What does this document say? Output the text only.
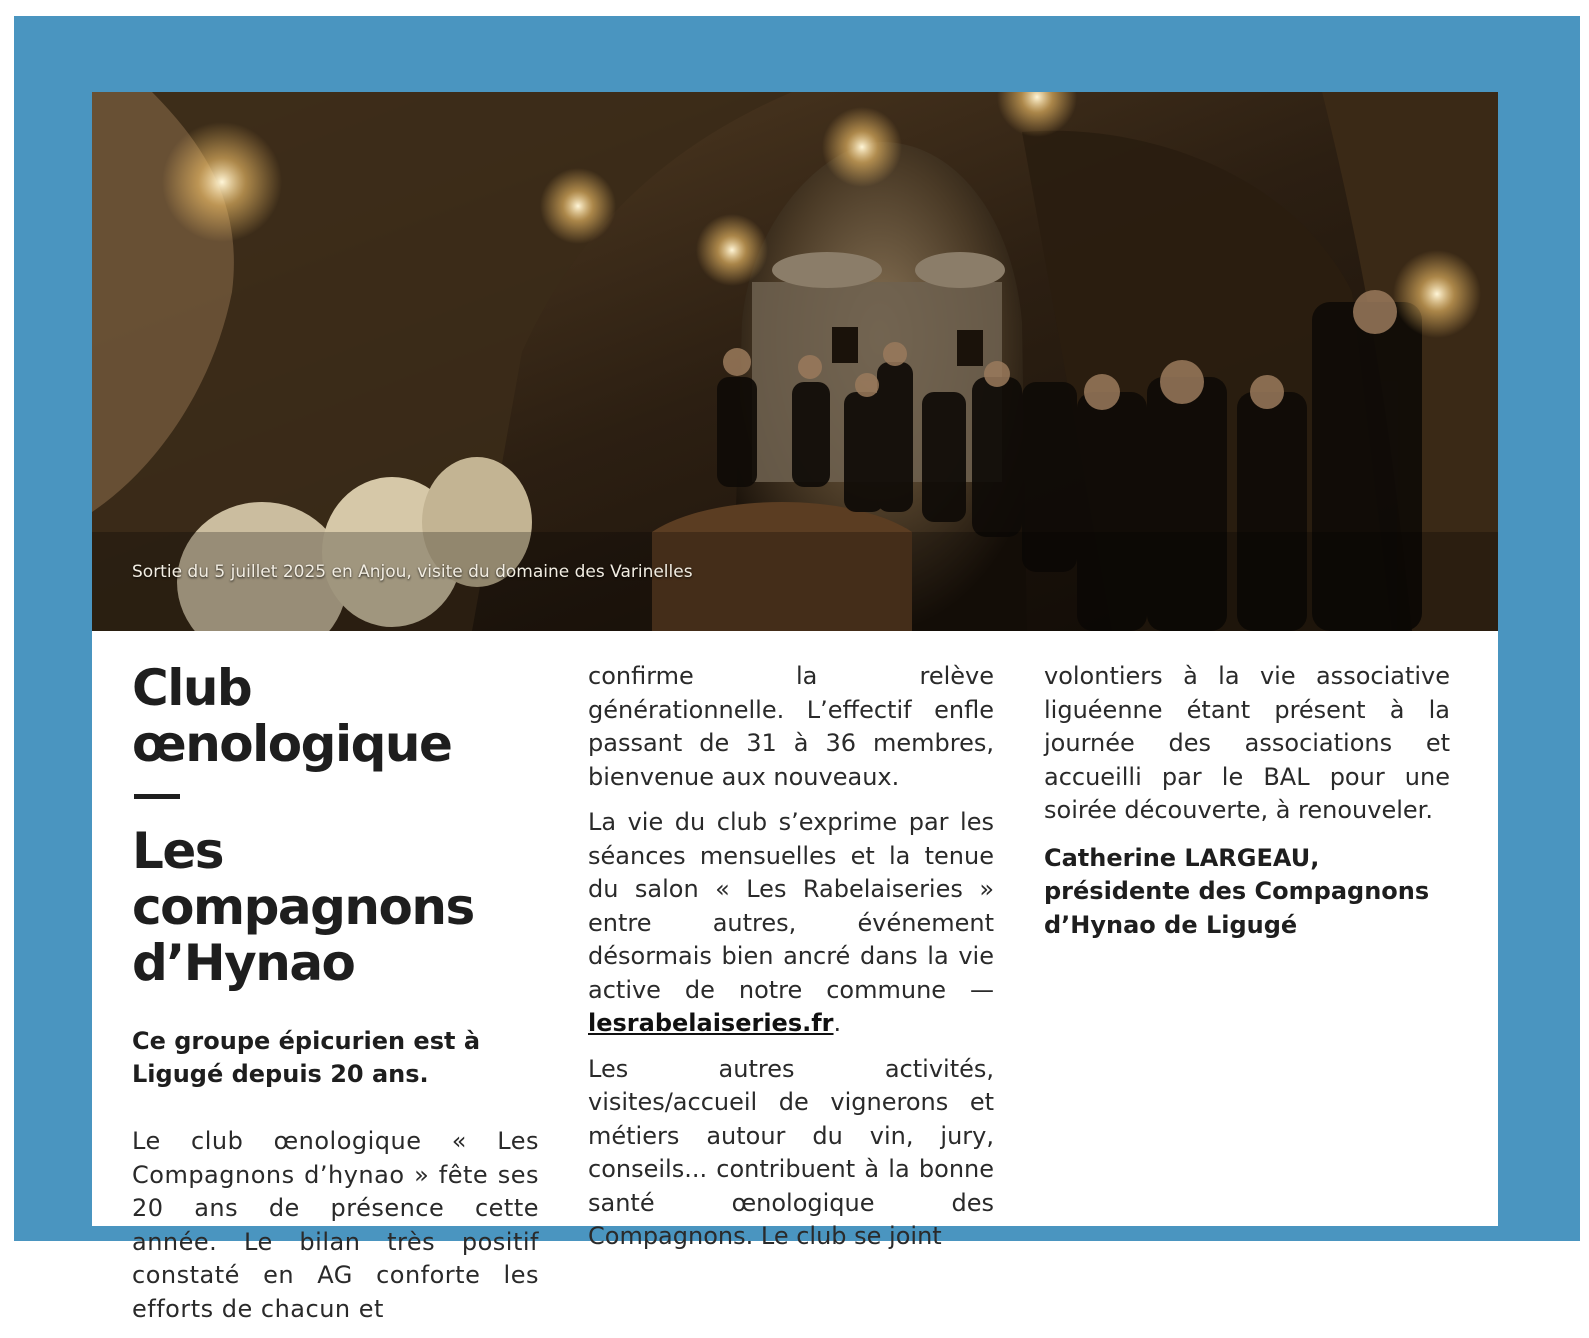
Sortie du 5 juillet 2025 en Anjou, visite du domaine des Varinelles
Club œnologique
Les compagnons d’Hynao

Ce groupe épicurien est à Ligugé depuis 20 ans.

Le club œnologique « Les Compagnons d’hynao » fête ses 20 ans de présence cette année. Le bilan très positif constaté en AG conforte les efforts de chacun et

confirme la relève générationnelle. L’effectif enfle passant de 31 à 36 membres, bienvenue aux nouveaux.

La vie du club s’exprime par les séances mensuelles et la tenue du salon « Les Rabelaiseries » entre autres, événement désormais bien ancré dans la vie active de notre commune — lesrabelaiseries.fr.

Les autres activités, visites/accueil de vignerons et métiers autour du vin, jury, conseils... contribuent à la bonne santé œnologique des Compagnons. Le club se joint

volontiers à la vie associative liguéenne étant présent à la journée des associations et accueilli par le BAL pour une soirée découverte, à renouveler.

Catherine LARGEAU, présidente des Compagnons d’Hynao de Ligugé
